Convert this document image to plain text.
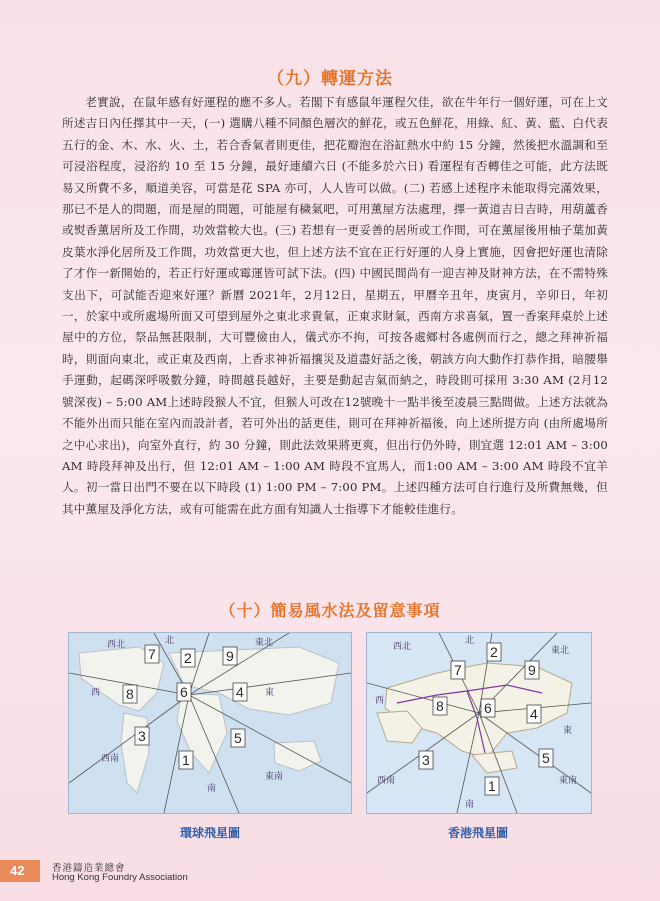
（九）轉運方法
老實說，在鼠年感有好運程的應不多人。若閣下有感鼠年運程欠佳，欲在牛年行一個好運，可在上文所述吉日內任擇其中一天，(一) 選購八種不同顏色層次的鮮花，或五色鮮花，用綠、紅、黃、藍、白代表五行的金、木、水、火、土，若合香氣者則更佳，把花瓣泡在浴缸熱水中約 15 分鐘，然後把水溫調和至可浸浴程度，浸浴約 10 至 15 分鐘，最好連續六日 (不能多於六日) 看運程有否轉佳之可能，此方法既易又所費不多，順道美容，可當是花 SPA 亦可，人人皆可以做。(二) 若感上述程序未能取得完滿效果，那已不是人的問題，而是屋的問題，可能屋有穢氣吧，可用薰屋方法處理，擇一黃道吉日吉時，用葫蘆香或熨香薰居所及工作間，功效當較大也。(三) 若想有一更妥善的居所或工作間，可在薰屋後用柚子葉加黃皮葉水淨化居所及工作間，功效當更大也，但上述方法不宜在正行好運的人身上實施，因會把好運也清除了才作一新開始的，若正行好運或霉運皆可試下法。(四) 中國民間尚有一迎吉神及財神方法，在不需特殊支出下，可試能否迎來好運？新曆 2021年，2月12日，星期五，甲曆辛丑年，庚寅月，辛卯日，年初一，於家中或所處場所面又可望到屋外之東北求貴氣，正東求財氣，西南方求喜氣，置一香案拜桌於上述屋中的方位，祭品無甚限制，大可豐儉由人，儀式亦不拘，可按各處鄉村各處例而行之，總之拜神祈福時，則面向東北，或正東及西南，上香求神祈福攘災及道盡好話之後，朝該方向大動作打恭作揖，暗腰舉手運動，起碼深呼吸數分鐘，時間越長越好，主要是動起吉氣而納之，時段則可採用 3:30 AM (2月12號深夜) – 5:00 AM上述時段猴人不宜，但猴人可改在12號晚十一點半後至凌晨三點間做。上述方法就為不能外出而只能在室內而設計者，若可外出的話更佳，則可在拜神祈福後，向上述所提方向 (由所處場所之中心求出)，向室外直行，約 30 分鐘，則此法效果將更爽，但出行仍外時，則宜選 12:01 AM – 3:00 AM 時段拜神及出行，但 12:01 AM – 1:00 AM 時段不宜馬人，而1:00 AM – 3:00 AM 時段不宜羊人。初一當日出門不要在以下時段 (1) 1:00 PM – 7:00 PM。上述四種方法可自行進行及所費無幾，但其中薰屋及淨化方法，或有可能需在此方面有知識人士指導下才能較佳進行。
（十）簡易風水法及留意事項
7 2 9
8	6	4
3	5
1
西北	北	東北
西	東
西南
南
東南
7
2
9
8	6	4
3	5
1
西北
北
東北
西
東
西南
南
東南
環球飛星圖	香港飛星圖
42	香港鑄造業總會
Hong Kong Foundry Association
